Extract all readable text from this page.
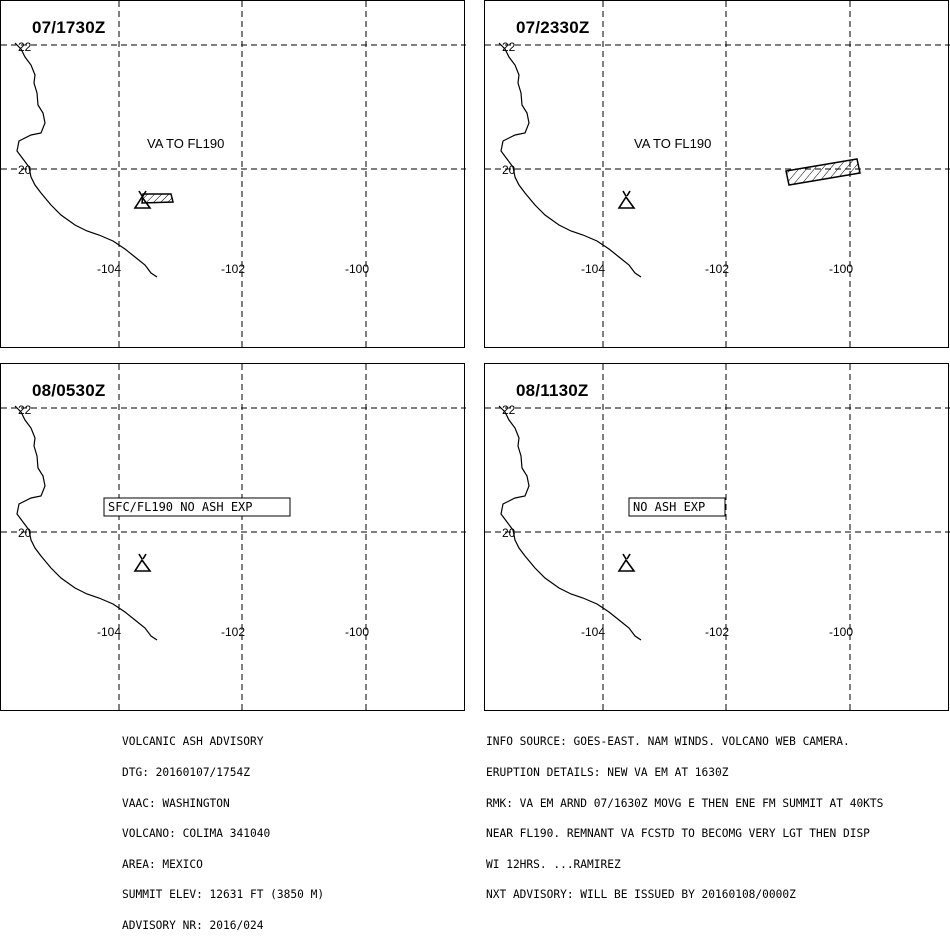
22
20
-104	-102	-100
VA TO FL190
07/1730Z
22
20
-104	-102	-100
VA TO FL190
07/2330Z
22
20
-104	-102	-100
SFC/FL190 NO ASH EXP
08/0530Z
22
20
-104	-102	-100
NO ASH EXP
08/1130Z

VOLCANIC ASH ADVISORY

DTG: 20160107/1754Z

VAAC: WASHINGTON

VOLCANO: COLIMA 341040

AREA: MEXICO

SUMMIT ELEV: 12631 FT (3850 M)

ADVISORY NR: 2016/024

INFO SOURCE: GOES-EAST. NAM WINDS. VOLCANO WEB CAMERA.

ERUPTION DETAILS: NEW VA EM AT 1630Z

RMK: VA EM ARND 07/1630Z MOVG E THEN ENE FM SUMMIT AT 40KTS

NEAR FL190. REMNANT VA FCSTD TO BECOMG VERY LGT THEN DISP

WI 12HRS. ...RAMIREZ

NXT ADVISORY: WILL BE ISSUED BY 20160108/0000Z
